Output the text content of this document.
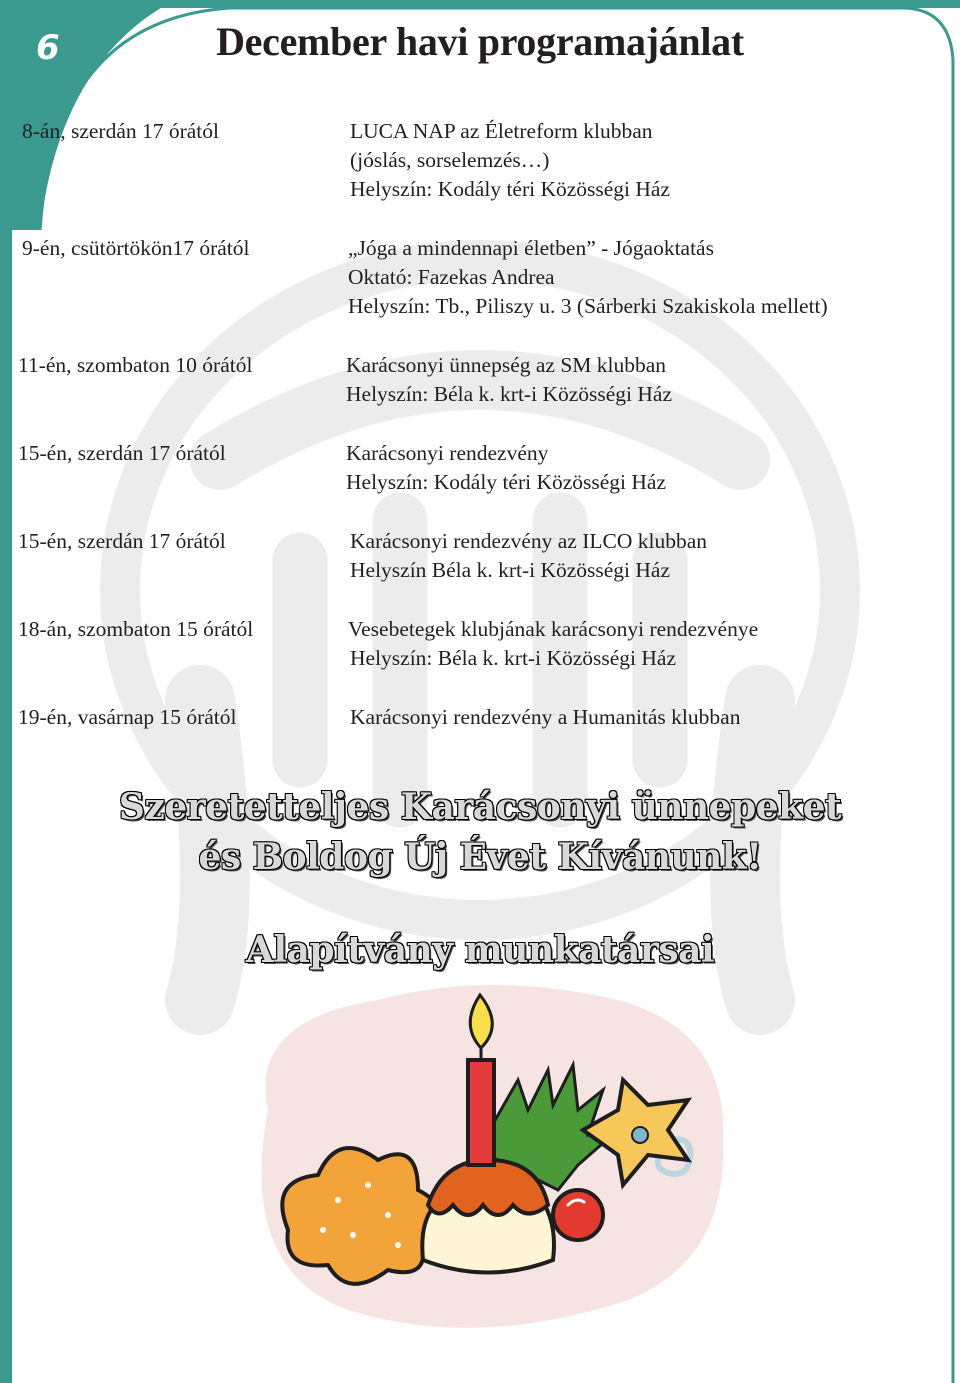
6	December havi programajánlat
8-án, szerdán 17 órától	LUCA NAP az Életreform klubban
(jóslás, sorselemzés…)
Helyszín: Kodály téri Közösségi Ház
9-én, csütörtökön17 órától	„Jóga a mindennapi életben” - Jógaoktatás
Oktató: Fazekas Andrea
Helyszín: Tb., Piliszy u. 3 (Sárberki Szakiskola mellett)
11-én, szombaton 10 órától	Karácsonyi ünnepség az SM klubban
Helyszín: Béla k. krt-i Közösségi Ház
15-én, szerdán 17 órától	Karácsonyi rendezvény
Helyszín: Kodály téri Közösségi Ház
15-én, szerdán 17 órától	Karácsonyi rendezvény az ILCO klubban
Helyszín Béla k. krt-i Közösségi Ház
18-án, szombaton 15 órától	Vesebetegek klubjának karácsonyi rendezvénye
Helyszín: Béla k. krt-i Közösségi Ház
19-én, vasárnap 15 órától	Karácsonyi rendezvény a Humanitás klubban
Szeretetteljes Karácsonyi ünnepeket
és Boldog Új Évet Kívánunk!
Alapítvány munkatársai
